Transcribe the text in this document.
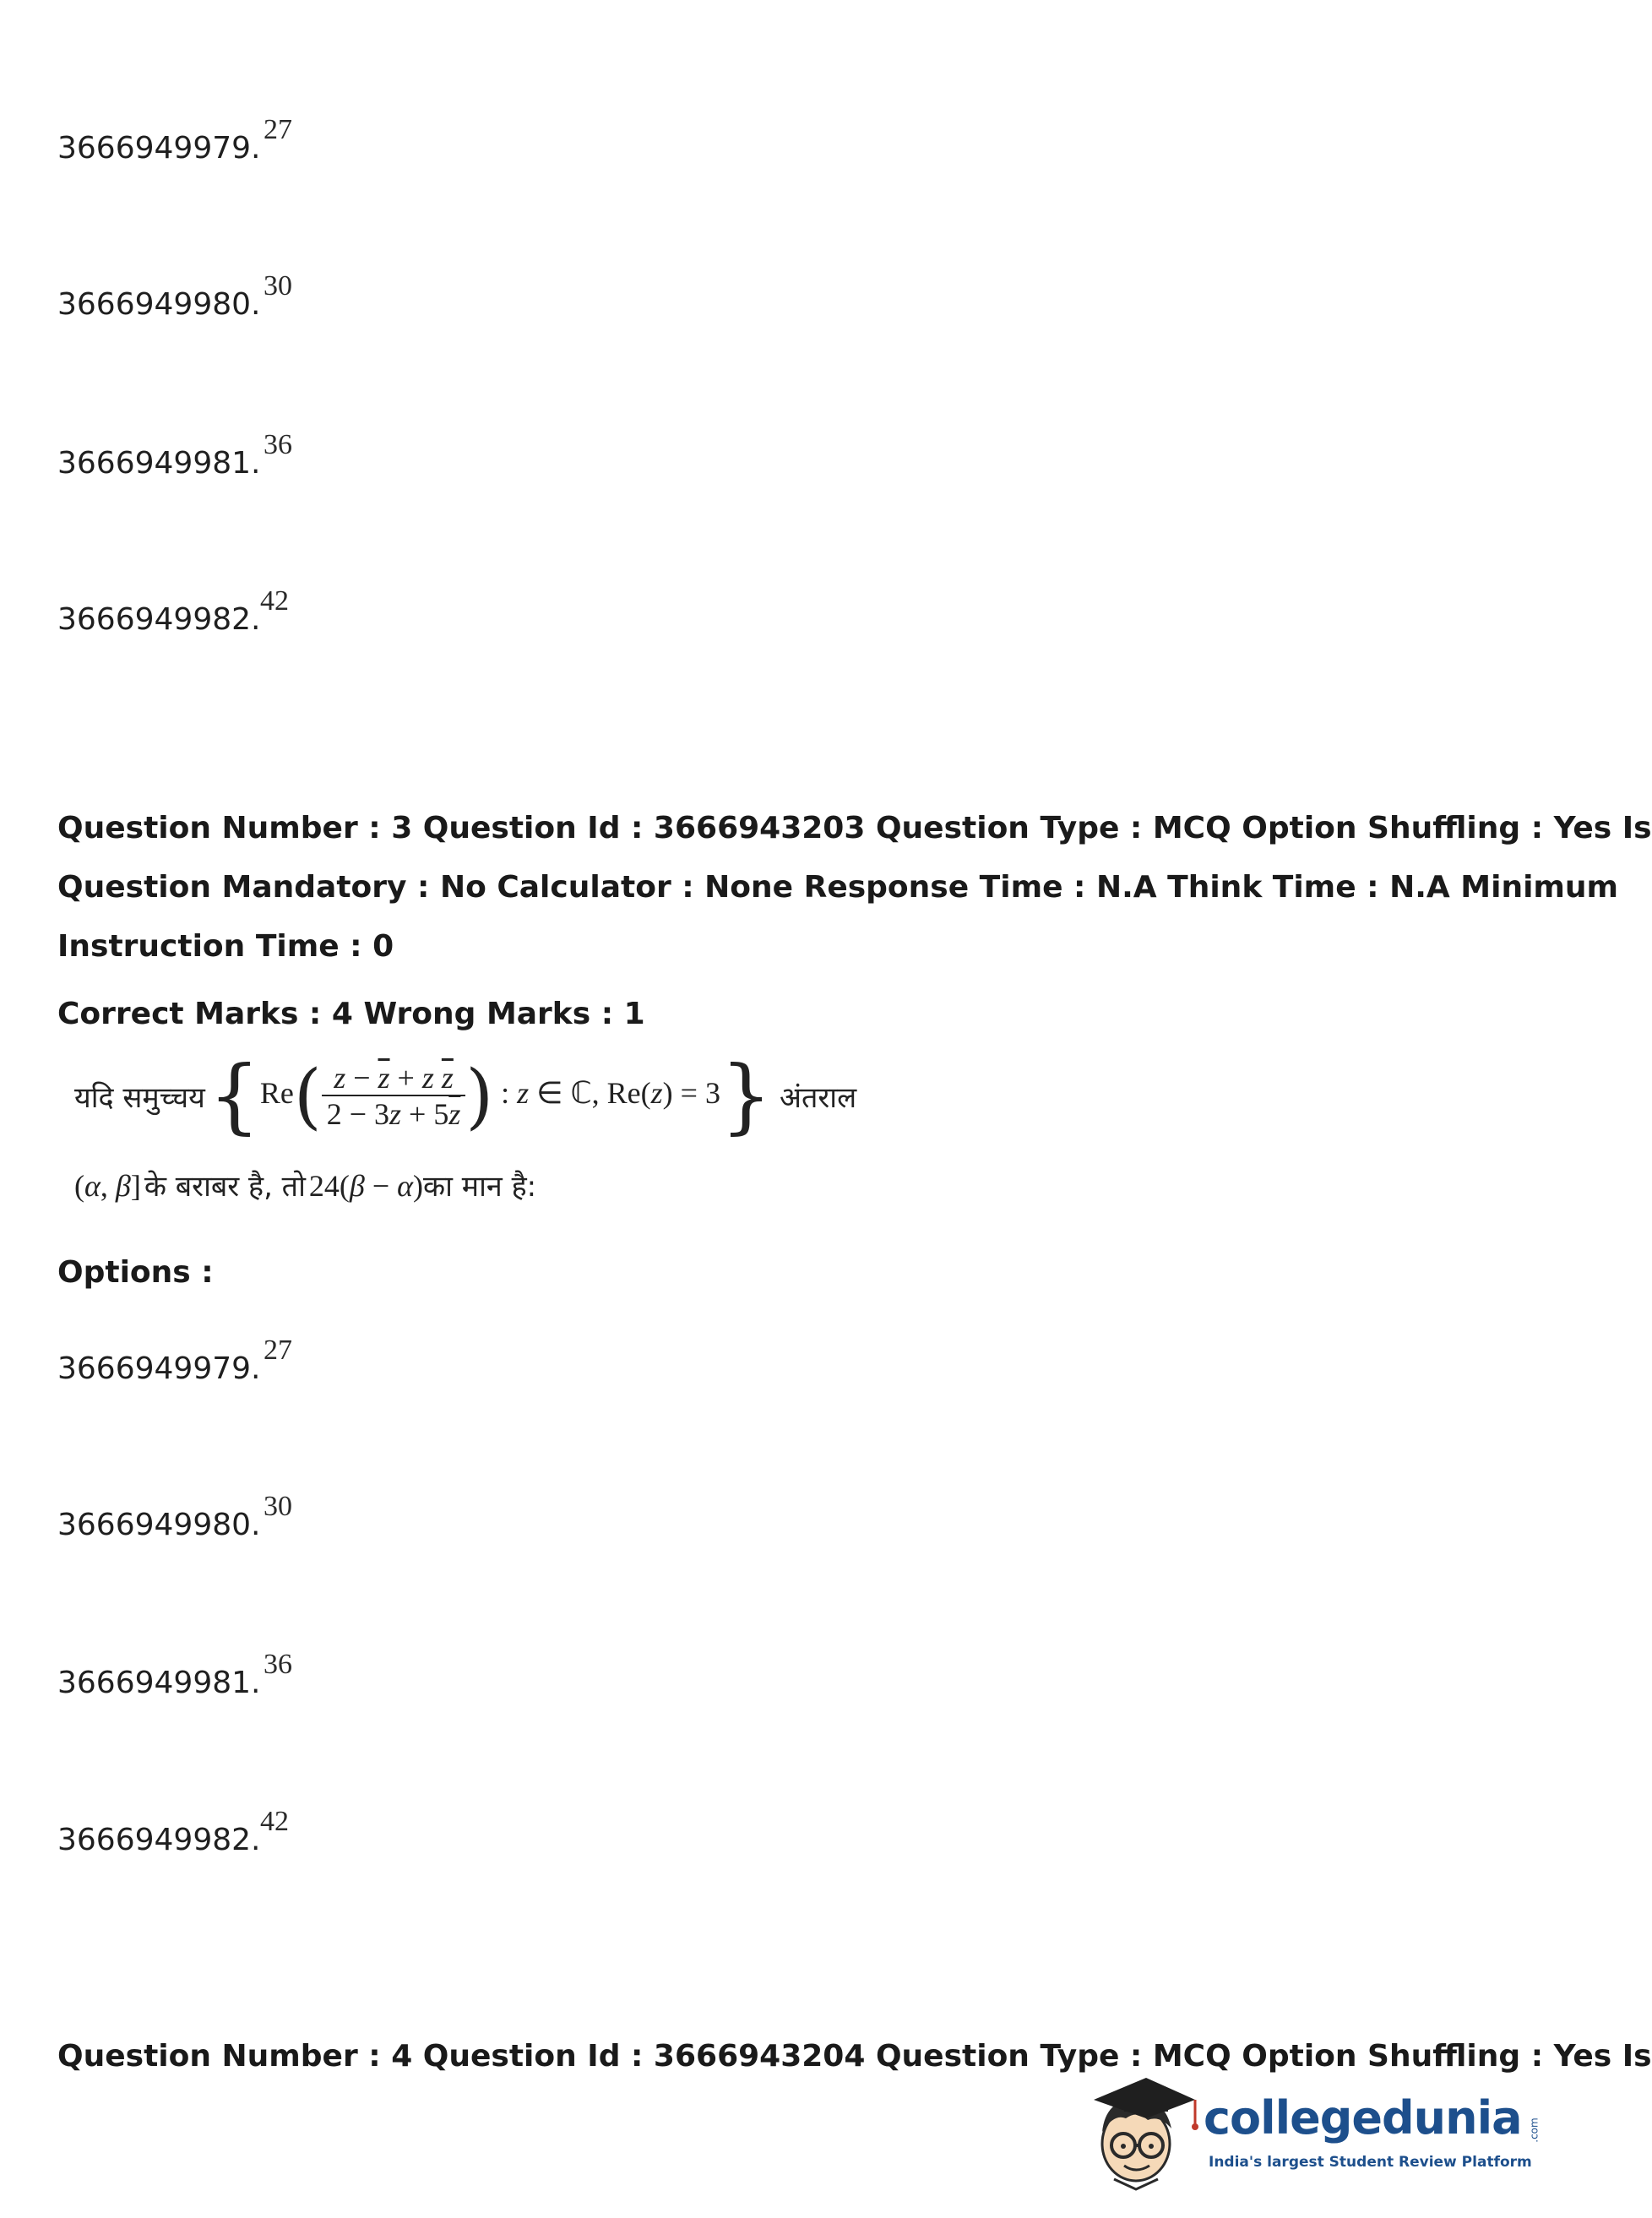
3666949979.
27
3666949980.
30
3666949981.
36
3666949982.
42
Question Number : 3 Question Id : 3666943203 Question Type : MCQ Option Shuffling : Yes Is
Question Mandatory : No Calculator : None Response Time : N.A Think Time : N.A Minimum
Instruction Time : 0
Correct Marks : 4 Wrong Marks : 1
यदि समुच्चय {$Re( \frac{z - \overline{z} + z \overline{z}}{2 - 3z + 5\overline{z}}$ ) : z ∈ ℂ, Re(z) = 3} अंतराल
(α, β] के बराबर है, तो 24(β − α)का मान है:
Options :
3666949979.
27
3666949980.
30
3666949981.
36
3666949982.
42
Question Number : 4 Question Id : 3666943204 Question Type : MCQ Option Shuffling : Yes Is
collegedunia .com
India's largest Student Review Platform
